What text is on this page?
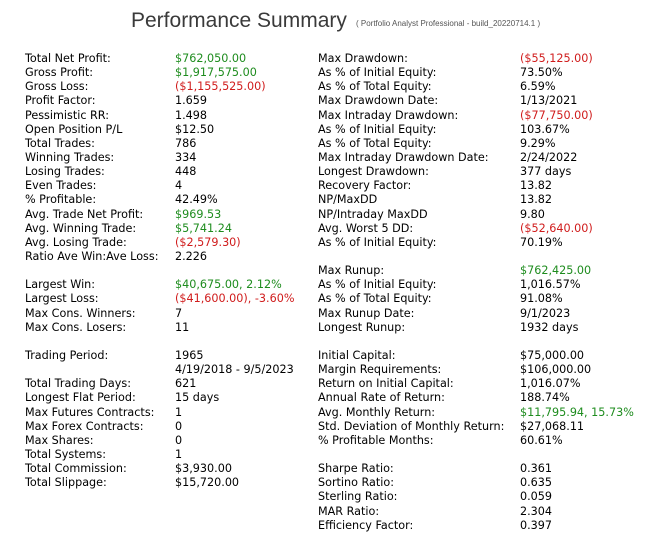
Performance Summary ( Portfolio Analyst Professional - build_20220714.1 )
Total Net Profit:	$762,050.00
Gross Profit:	$1,917,575.00
Gross Loss:	($1,155,525.00)
Profit Factor:	1.659
Pessimistic RR:	1.498
Open Position P/L	$12.50
Total Trades:	786
Winning Trades:	334
Losing Trades:	448
Even Trades:	4
% Profitable:	42.49%
Avg. Trade Net Profit:	$969.53
Avg. Winning Trade:	$5,741.24
Avg. Losing Trade:	($2,579.30)
Ratio Ave Win:Ave Loss:	2.226
Largest Win:	$40,675.00, 2.12%
Largest Loss:	($41,600.00), -3.60%
Max Cons. Winners:	7
Max Cons. Losers:	11
Trading Period:	1965
4/19/2018 - 9/5/2023
Total Trading Days:	621
Longest Flat Period:	15 days
Max Futures Contracts:	1
Max Forex Contracts:	0
Max Shares:	0
Total Systems:	1
Total Commission:	$3,930.00
Total Slippage:	$15,720.00
Max Drawdown:	($55,125.00)
As % of Initial Equity:	73.50%
As % of Total Equity:	6.59%
Max Drawdown Date:	1/13/2021
Max Intraday Drawdown:	($77,750.00)
As % of Initial Equity:	103.67%
As % of Total Equity:	9.29%
Max Intraday Drawdown Date:	2/24/2022
Longest Drawdown:	377 days
Recovery Factor:	13.82
NP/MaxDD	13.82
NP/Intraday MaxDD	9.80
Avg. Worst 5 DD:	($52,640.00)
As % of Initial Equity:	70.19%
Max Runup:	$762,425.00
As % of Initial Equity:	1,016.57%
As % of Total Equity:	91.08%
Max Runup Date:	9/1/2023
Longest Runup:	1932 days
Initial Capital:	$75,000.00
Margin Requirements:	$106,000.00
Return on Initial Capital:	1,016.07%
Annual Rate of Return:	188.74%
Avg. Monthly Return:	$11,795.94, 15.73%
Std. Deviation of Monthly Return:	$27,068.11
% Profitable Months:	60.61%
Sharpe Ratio:	0.361
Sortino Ratio:	0.635
Sterling Ratio:	0.059
MAR Ratio:	2.304
Efficiency Factor:	0.397
